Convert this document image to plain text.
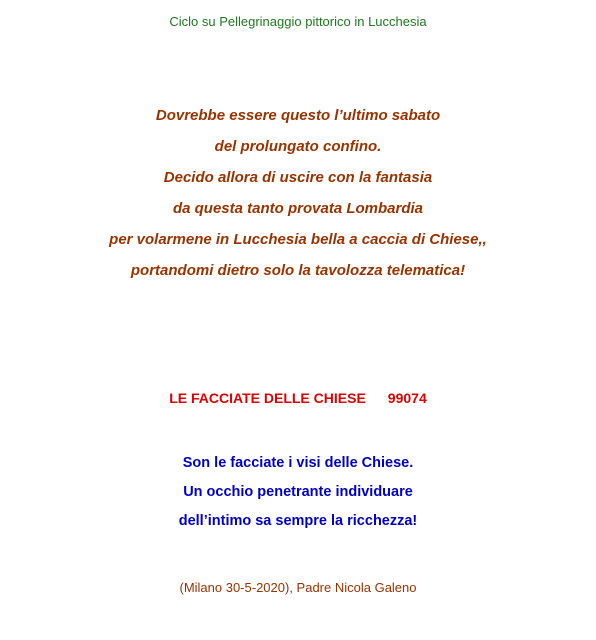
Ciclo su Pellegrinaggio pittorico in Lucchesia
Dovrebbe essere questo l’ultimo sabato
del prolungato confino.
Decido allora di uscire con la fantasia
da questa tanto provata Lombardia
per volarmene in Lucchesia bella a caccia di Chiese,,
portandomi dietro solo la tavolozza telematica!
LE FACCIATE DELLE CHIESE 99074
Son le facciate i visi delle Chiese.
Un occhio penetrante individuare
dell’intimo sa sempre la ricchezza!
(Milano 30-5-2020), Padre Nicola Galeno
